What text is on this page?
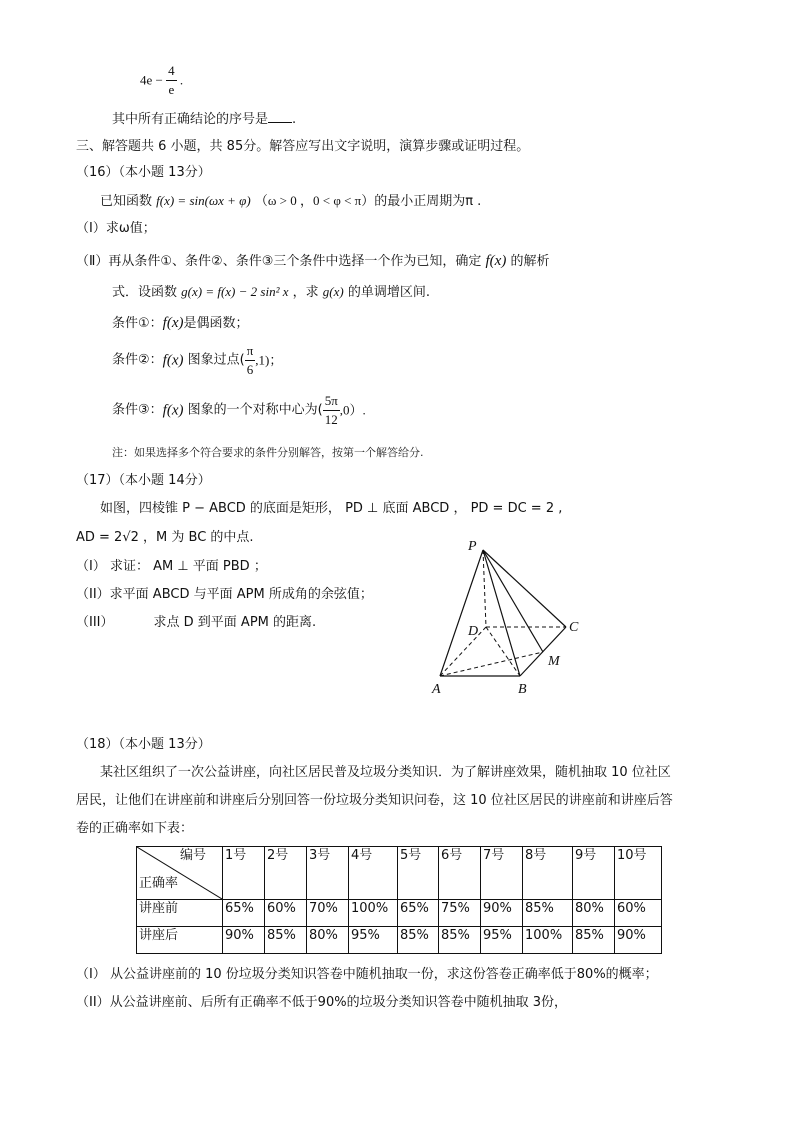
$4e - \frac{4}{e}$ .
其中所有正确结论的序号是 .
三、解答题共 6 小题，共 85分。解答应写出文字说明，演算步骤或证明过程。
（16）（本小题 13分）
已知函数 f(x) = sin(ωx + φ) （ω > 0 ，0 < φ < π）的最小正周期为π .
（Ⅰ）求ω值；
（Ⅱ）再从条件①、条件②、条件③三个条件中选择一个作为已知，确定 f(x) 的解析
式．设函数 g(x) = f(x) − 2 sin² x ，求 g(x) 的单调增区间.
条件①：f(x)是偶函数；
条件②：f(x) 图象过点( $\frac{\pi}{6} ,1$)；
条件③：f(x) 图象的一个对称中心为( $\frac{5\pi}{12} ,0$）.
注：如果选择多个符合要求的条件分别解答，按第一个解答给分.
（17）（本小题 14分）
如图，四棱锥 P − ABCD 的底面是矩形， PD ⊥ 底面 ABCD ， PD = DC = 2 ,
AD = 2√2 ，M 为 BC 的中点.
（I） 求证： AM ⊥ 平面 PBD ；
（II）求平面 ABCD 与平面 APM 所成角的余弦值；
（III）	求点 D 到平面 APM 的距离.
P
D	C
M
A	B
（18）（本小题 13分）
某社区组织了一次公益讲座，向社区居民普及垃圾分类知识．为了解讲座效果，随机抽取 10 位社区
居民，让他们在讲座前和讲座后分别回答一份垃圾分类知识问卷，这 10 位社区居民的讲座前和讲座后答
卷的正确率如下表：
编号
正确率	1号	2号	3号	4号	5号	6号	7号	8号	9号	10号
讲座前	65%	60%	70%	100%	65%	75%	90%	85%	80%	60%
讲座后	90%	85%	80%	95%	85%	85%	95%	100%	85%	90%
（I） 从公益讲座前的 10 份垃圾分类知识答卷中随机抽取一份，求这份答卷正确率低于80%的概率；
（II）从公益讲座前、后所有正确率不低于90%的垃圾分类知识答卷中随机抽取 3份，
